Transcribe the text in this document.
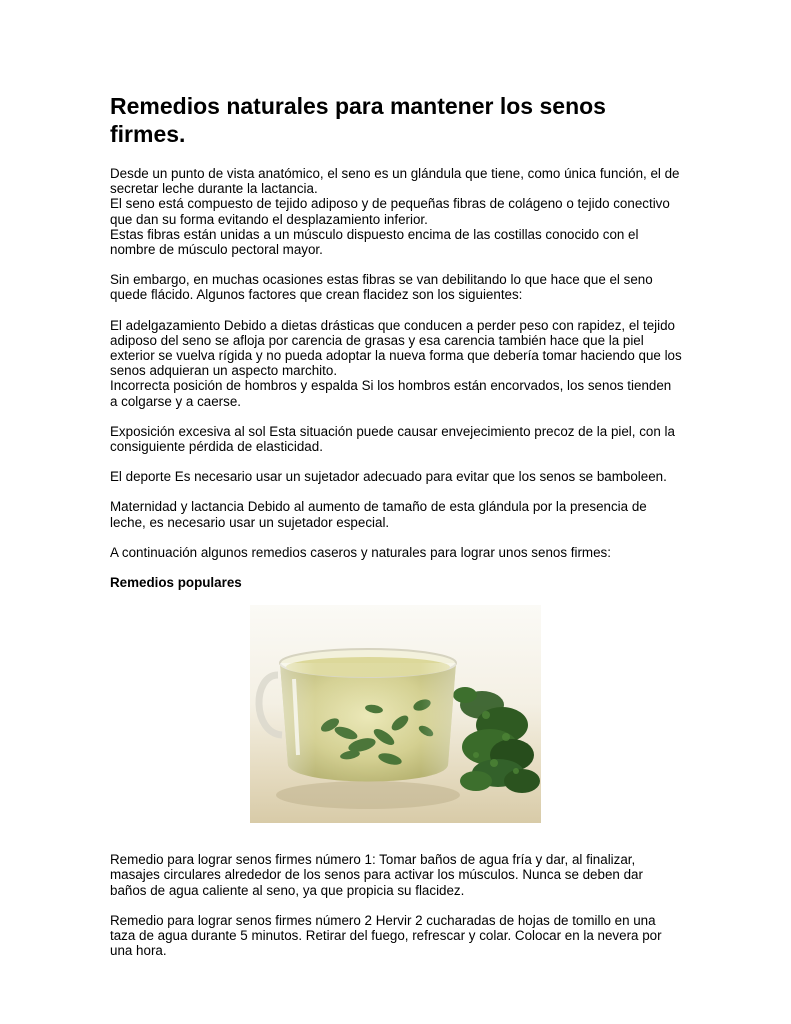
Remedios naturales para mantener los senos firmes.
Desde un punto de vista anatómico, el seno es un glándula que tiene, como única función, el de secretar leche durante la lactancia.
El seno está compuesto de tejido adiposo y de pequeñas fibras de colágeno o tejido conectivo que dan su forma evitando el desplazamiento inferior.
Estas fibras están unidas a un músculo dispuesto encima de las costillas conocido con el nombre de músculo pectoral mayor.
Sin embargo, en muchas ocasiones estas fibras se van debilitando lo que hace que el seno quede flácido. Algunos factores que crean flacidez son los siguientes:
El adelgazamiento Debido a dietas drásticas que conducen a perder peso con rapidez, el tejido adiposo del seno se afloja por carencia de grasas y esa carencia también hace que la piel exterior se vuelva rígida y no pueda adoptar la nueva forma que debería tomar haciendo que los senos adquieran un aspecto marchito.
Incorrecta posición de hombros y espalda Si los hombros están encorvados, los senos tienden a colgarse y a caerse.
Exposición excesiva al sol Esta situación puede causar envejecimiento precoz de la piel, con la consiguiente pérdida de elasticidad.
El deporte Es necesario usar un sujetador adecuado para evitar que los senos se bamboleen.
Maternidad y lactancia Debido al aumento de tamaño de esta glándula por la presencia de leche, es necesario usar un sujetador especial.
A continuación algunos remedios caseros y naturales para lograr unos senos firmes:
Remedios populares
Remedio para lograr senos firmes número 1: Tomar baños de agua fría y dar, al finalizar, masajes circulares alrededor de los senos para activar los músculos. Nunca se deben dar baños de agua caliente al seno, ya que propicia su flacidez.
Remedio para lograr senos firmes número 2 Hervir 2 cucharadas de hojas de tomillo en una taza de agua durante 5 minutos. Retirar del fuego, refrescar y colar. Colocar en la nevera por una hora.
